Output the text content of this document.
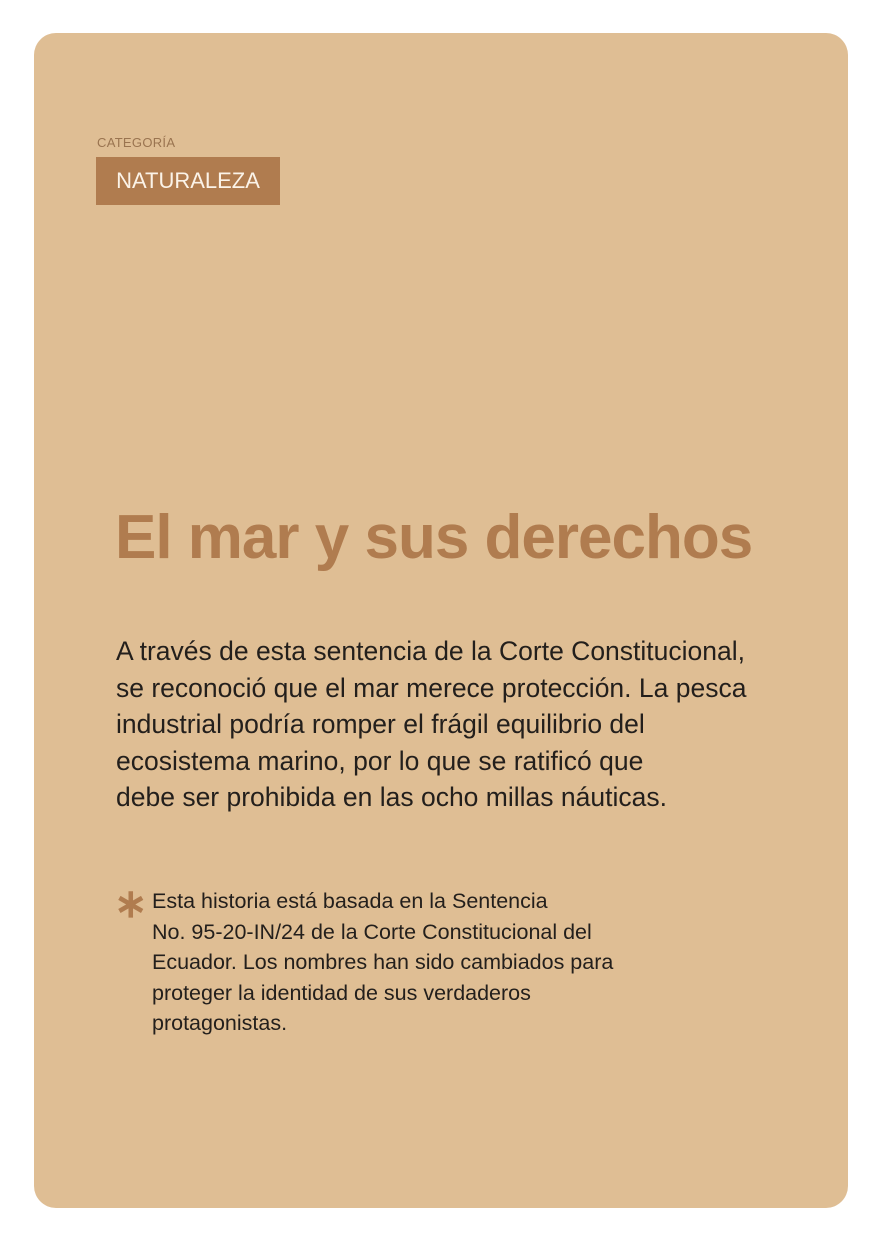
CATEGORÍA
NATURALEZA
El mar y sus derechos
A través de esta sentencia de la Corte Constitucional,
se reconoció que el mar merece protección. La pesca
industrial podría romper el frágil equilibrio del
ecosistema marino, por lo que se ratificó que
debe ser prohibida en las ocho millas náuticas.
∗ Esta historia está basada en la Sentencia
No. 95-20-IN/24 de la Corte Constitucional del
Ecuador. Los nombres han sido cambiados para
proteger la identidad de sus verdaderos
protagonistas.
